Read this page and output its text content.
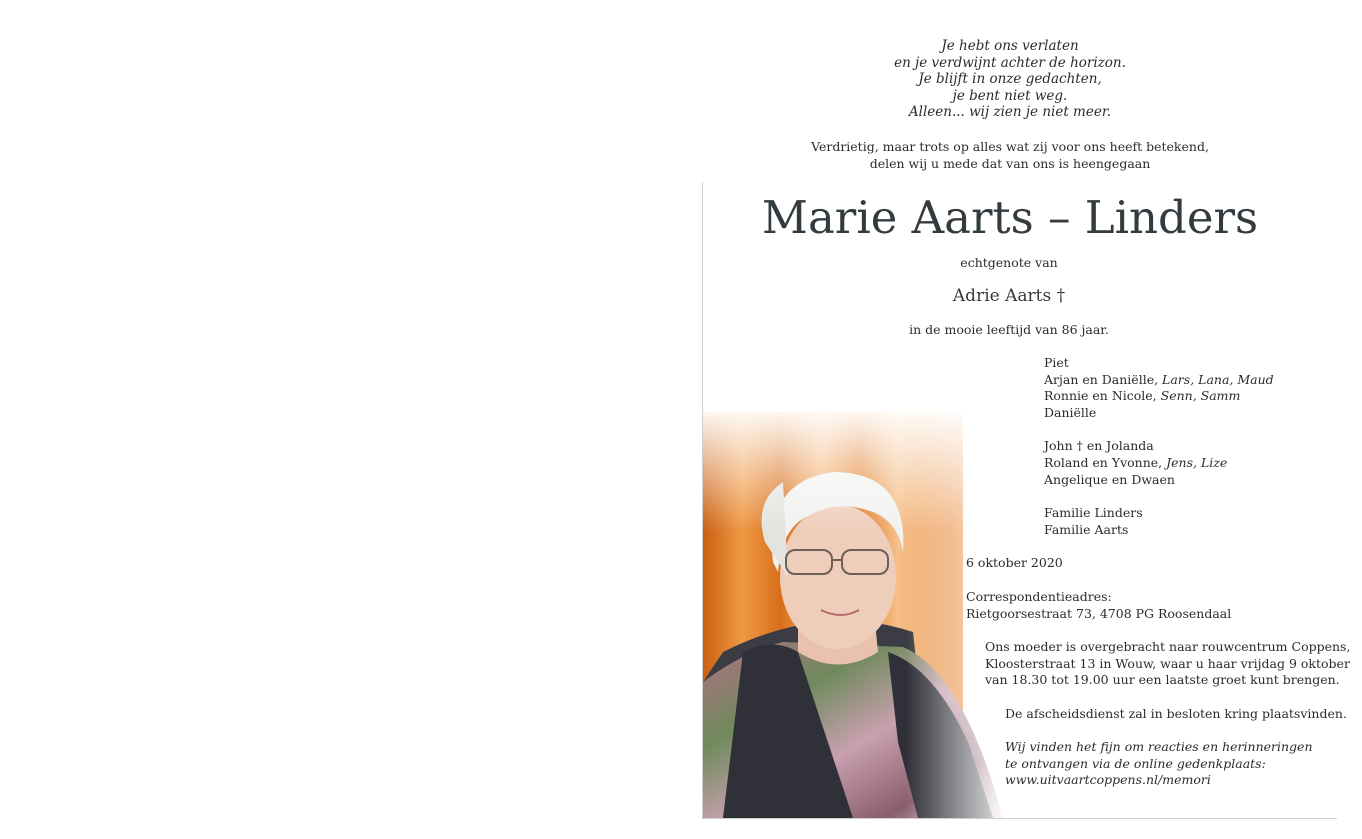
Je hebt ons verlaten
en je verdwijnt achter de horizon.
Je blijft in onze gedachten,
je bent niet weg.
Alleen... wij zien je niet meer.
Verdrietig, maar trots op alles wat zij voor ons heeft betekend,
delen wij u mede dat van ons is heengegaan
Marie Aarts – Linders
echtgenote van
Adrie Aarts †
in de mooie leeftijd van 86 jaar.
Piet
Arjan en Daniëlle, Lars, Lana, Maud
Ronnie en Nicole, Senn, Samm
Daniëlle
John † en Jolanda
Roland en Yvonne, Jens, Lize
Angelique en Dwaen
Familie Linders
Familie Aarts
6 oktober 2020
Correspondentieadres:
Rietgoorsestraat 73, 4708 PG Roosendaal
Ons moeder is overgebracht naar rouwcentrum Coppens,
Kloosterstraat 13 in Wouw, waar u haar vrijdag 9 oktober
van 18.30 tot 19.00 uur een laatste groet kunt brengen.
De afscheidsdienst zal in besloten kring plaatsvinden.
Wij vinden het fijn om reacties en herinneringen
te ontvangen via de online gedenkplaats:
www.uitvaartcoppens.nl/memori
